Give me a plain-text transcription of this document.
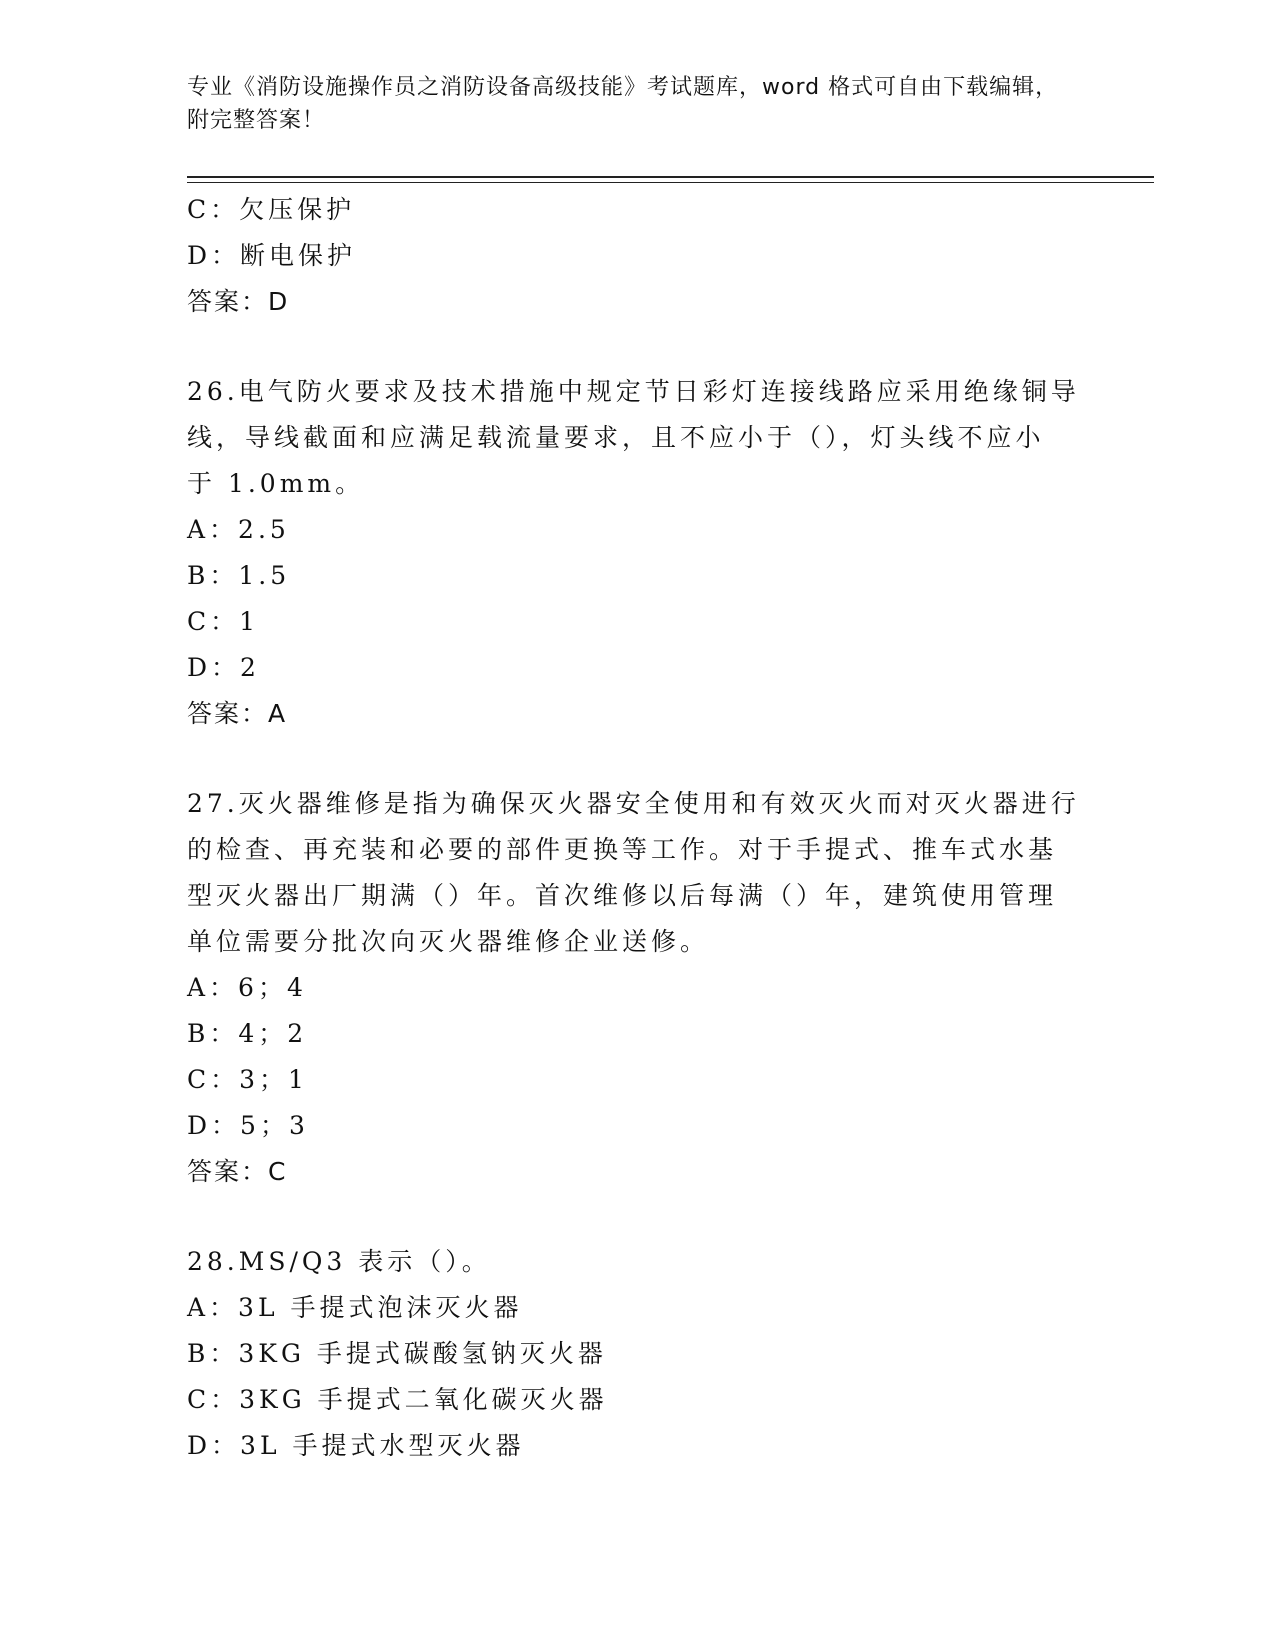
专业《消防设施操作员之消防设备高级技能》考试题库，word 格式可自由下载编辑，附完整答案！
C：欠压保护
D：断电保护
答案：D
26.电气防火要求及技术措施中规定节日彩灯连接线路应采用绝缘铜导
线，导线截面和应满足载流量要求，且不应小于（），灯头线不应小
于 1.0mm。
A：2.5
B：1.5
C：1
D：2
答案：A
27.灭火器维修是指为确保灭火器安全使用和有效灭火而对灭火器进行
的检查、再充装和必要的部件更换等工作。对于手提式、推车式水基
型灭火器出厂期满（）年。首次维修以后每满（）年，建筑使用管理
单位需要分批次向灭火器维修企业送修。
A：6；4
B：4；2
C：3；1
D：5；3
答案：C
28.MS/Q3 表示（）。
A：3L 手提式泡沫灭火器
B：3KG 手提式碳酸氢钠灭火器
C：3KG 手提式二氧化碳灭火器
D：3L 手提式水型灭火器
